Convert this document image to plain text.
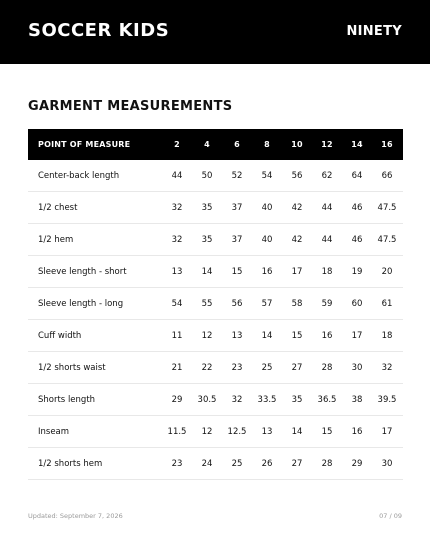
SOCCER KIDS	NINETY
GARMENT MEASUREMENTS
POINT OF MEASURE	2	4	6	8	10	12	14	16
Center-back length	44	50	52	54	56	62	64	66
1/2 chest	32	35	37	40	42	44	46	47.5
1/2 hem	32	35	37	40	42	44	46	47.5
Sleeve length - short	13	14	15	16	17	18	19	20
Sleeve length - long	54	55	56	57	58	59	60	61
Cuff width	11	12	13	14	15	16	17	18
1/2 shorts waist	21	22	23	25	27	28	30	32
Shorts length	29	30.5	32	33.5	35	36.5	38	39.5
Inseam	11.5	12	12.5	13	14	15	16	17
1/2 shorts hem	23	24	25	26	27	28	29	30
Updated: September 7, 2026	07 / 09
